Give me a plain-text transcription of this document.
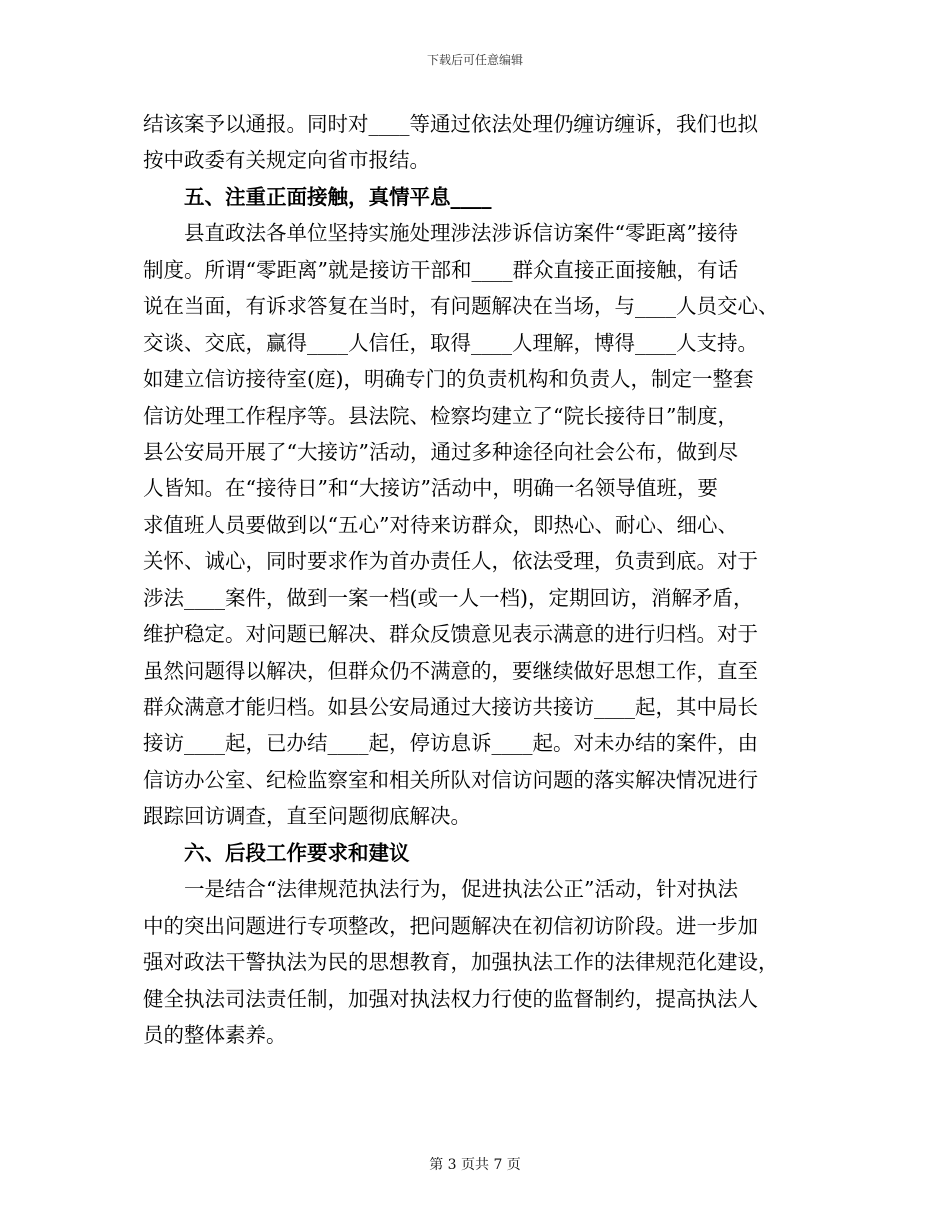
下载后可任意编辑
结该案予以通报。同时对____等通过依法处理仍缠访缠诉，我们也拟
按中政委有关规定向省市报结。
五、注重正面接触，真情平息____
县直政法各单位坚持实施处理涉法涉诉信访案件“零距离”接待
制度。所谓“零距离”就是接访干部和____群众直接正面接触，有话
说在当面，有诉求答复在当时，有问题解决在当场，与____人员交心、
交谈、交底，赢得____人信任，取得____人理解，博得____人支持。
如建立信访接待室(庭)，明确专门的负责机构和负责人，制定一整套
信访处理工作程序等。县法院、检察均建立了“院长接待日”制度，
县公安局开展了“大接访”活动，通过多种途径向社会公布，做到尽
人皆知。在“接待日”和“大接访”活动中，明确一名领导值班，要
求值班人员要做到以“五心”对待来访群众，即热心、耐心、细心、
关怀、诚心，同时要求作为首办责任人，依法受理，负责到底。对于
涉法____案件，做到一案一档(或一人一档)，定期回访，消解矛盾，
维护稳定。对问题已解决、群众反馈意见表示满意的进行归档。对于
虽然问题得以解决，但群众仍不满意的，要继续做好思想工作，直至
群众满意才能归档。如县公安局通过大接访共接访____起，其中局长
接访____起，已办结____起，停访息诉____起。对未办结的案件，由
信访办公室、纪检监察室和相关所队对信访问题的落实解决情况进行
跟踪回访调查，直至问题彻底解决。
六、后段工作要求和建议
一是结合“法律规范执法行为，促进执法公正”活动，针对执法
中的突出问题进行专项整改，把问题解决在初信初访阶段。进一步加
强对政法干警执法为民的思想教育，加强执法工作的法律规范化建设，
健全执法司法责任制，加强对执法权力行使的监督制约，提高执法人
员的整体素养。
第 3 页共 7 页
